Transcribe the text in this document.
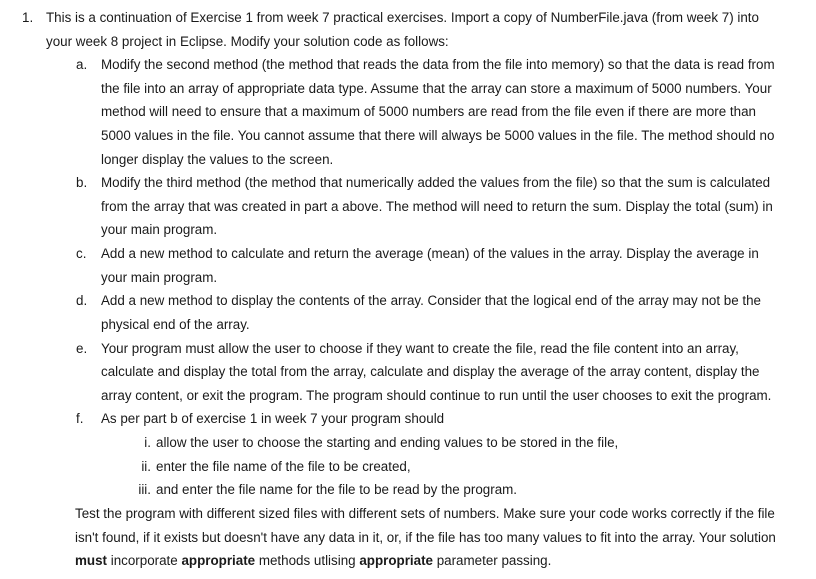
1. This is a continuation of Exercise 1 from week 7 practical exercises. Import a copy of NumberFile.java (from week 7) into
your week 8 project in Eclipse. Modify your solution code as follows:
a. Modify the second method (the method that reads the data from the file into memory) so that the data is read from
the file into an array of appropriate data type. Assume that the array can store a maximum of 5000 numbers. Your
method will need to ensure that a maximum of 5000 numbers are read from the file even if there are more than
5000 values in the file. You cannot assume that there will always be 5000 values in the file. The method should no
longer display the values to the screen.
b. Modify the third method (the method that numerically added the values from the file) so that the sum is calculated
from the array that was created in part a above. The method will need to return the sum. Display the total (sum) in
your main program.
c. Add a new method to calculate and return the average (mean) of the values in the array. Display the average in
your main program.
d. Add a new method to display the contents of the array. Consider that the logical end of the array may not be the
physical end of the array.
e. Your program must allow the user to choose if they want to create the file, read the file content into an array,
calculate and display the total from the array, calculate and display the average of the array content, display the
array content, or exit the program. The program should continue to run until the user chooses to exit the program.
f. As per part b of exercise 1 in week 7 your program should
i. allow the user to choose the starting and ending values to be stored in the file,
ii. enter the file name of the file to be created,
iii. and enter the file name for the file to be read by the program.
Test the program with different sized files with different sets of numbers. Make sure your code works correctly if the file
isn't found, if it exists but doesn't have any data in it, or, if the file has too many values to fit into the array. Your solution
must incorporate appropriate methods utlising appropriate parameter passing.
